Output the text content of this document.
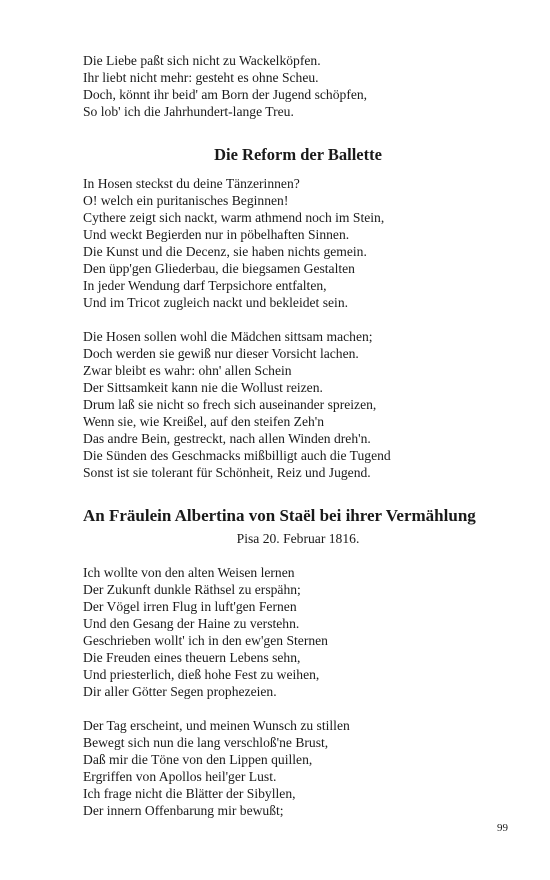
Die Liebe paßt sich nicht zu Wackelköpfen.
Ihr liebt nicht mehr: gesteht es ohne Scheu.
Doch, könnt ihr beid' am Born der Jugend schöpfen,
So lob' ich die Jahrhundert-lange Treu.
Die Reform der Ballette
In Hosen steckst du deine Tänzerinnen?
O! welch ein puritanisches Beginnen!
Cythere zeigt sich nackt, warm athmend noch im Stein,
Und weckt Begierden nur in pöbelhaften Sinnen.
Die Kunst und die Decenz, sie haben nichts gemein.
Den üpp'gen Gliederbau, die biegsamen Gestalten
In jeder Wendung darf Terpsichore entfalten,
Und im Tricot zugleich nackt und bekleidet sein.
Die Hosen sollen wohl die Mädchen sittsam machen;
Doch werden sie gewiß nur dieser Vorsicht lachen.
Zwar bleibt es wahr: ohn' allen Schein
Der Sittsamkeit kann nie die Wollust reizen.
Drum laß sie nicht so frech sich auseinander spreizen,
Wenn sie, wie Kreißel, auf den steifen Zeh'n
Das andre Bein, gestreckt, nach allen Winden dreh'n.
Die Sünden des Geschmacks mißbilligt auch die Tugend
Sonst ist sie tolerant für Schönheit, Reiz und Jugend.
An Fräulein Albertina von Staël bei ihrer Vermählung
Pisa 20. Februar 1816.
Ich wollte von den alten Weisen lernen
Der Zukunft dunkle Räthsel zu erspähn;
Der Vögel irren Flug in luft'gen Fernen
Und den Gesang der Haine zu verstehn.
Geschrieben wollt' ich in den ew'gen Sternen
Die Freuden eines theuern Lebens sehn,
Und priesterlich, dieß hohe Fest zu weihen,
Dir aller Götter Segen prophezeien.
Der Tag erscheint, und meinen Wunsch zu stillen
Bewegt sich nun die lang verschloß'ne Brust,
Daß mir die Töne von den Lippen quillen,
Ergriffen von Apollos heil'ger Lust.
Ich frage nicht die Blätter der Sibyllen,
Der innern Offenbarung mir bewußt;
99
